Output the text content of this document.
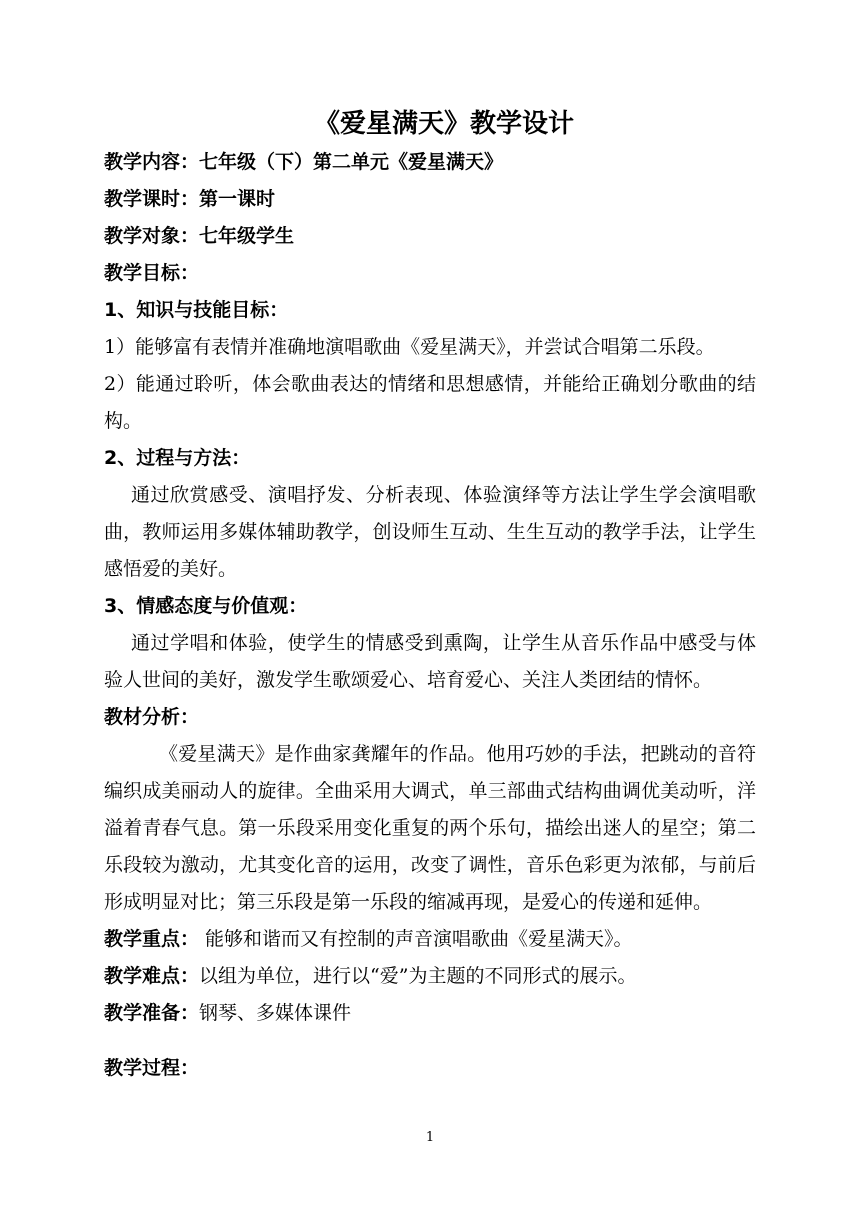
《爱星满天》教学设计

教学内容：七年级（下）第二单元《爱星满天》

教学课时：第一课时

教学对象：七年级学生

教学目标：

1、知识与技能目标：

1）能够富有表情并准确地演唱歌曲《爱星满天》，并尝试合唱第二乐段。

2）能通过聆听，体会歌曲表达的情绪和思想感情，并能给正确划分歌曲的结构。

2、过程与方法：

通过欣赏感受、演唱抒发、分析表现、体验演绎等方法让学生学会演唱歌曲，教师运用多媒体辅助教学，创设师生互动、生生互动的教学手法，让学生感悟爱的美好。

3、情感态度与价值观：

通过学唱和体验，使学生的情感受到熏陶，让学生从音乐作品中感受与体验人世间的美好，激发学生歌颂爱心、培育爱心、关注人类团结的情怀。

教材分析：

《爱星满天》是作曲家龚耀年的作品。他用巧妙的手法，把跳动的音符编织成美丽动人的旋律。全曲采用大调式，单三部曲式结构曲调优美动听，洋溢着青春气息。第一乐段采用变化重复的两个乐句，描绘出迷人的星空；第二乐段较为激动，尤其变化音的运用，改变了调性，音乐色彩更为浓郁，与前后形成明显对比；第三乐段是第一乐段的缩减再现，是爱心的传递和延伸。

教学重点： 能够和谐而又有控制的声音演唱歌曲《爱星满天》。

教学难点：以组为单位，进行以“爱”为主题的不同形式的展示。

教学准备：钢琴、多媒体课件

教学过程：

1
